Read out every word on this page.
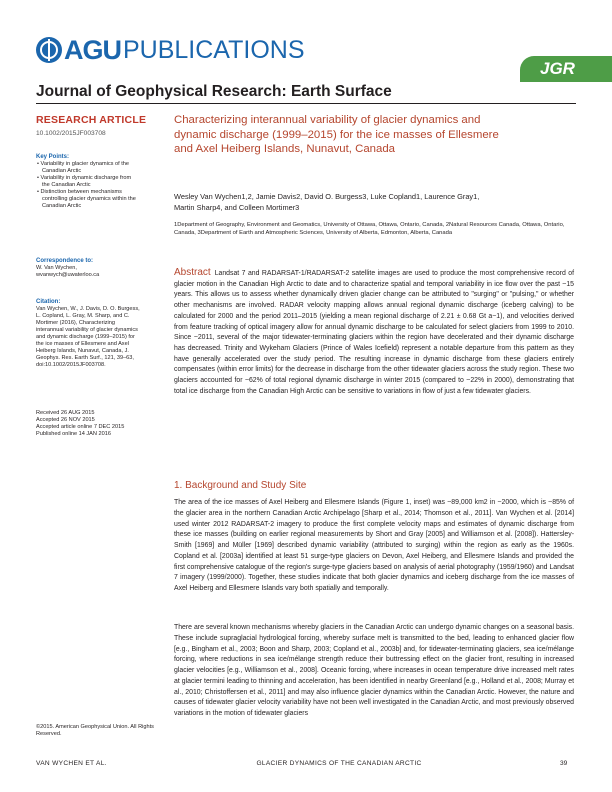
AGU PUBLICATIONS
JGR
Journal of Geophysical Research: Earth Surface
RESEARCH ARTICLE
10.1002/2015JF003708
Key Points:
• Variability in glacier dynamics of the Canadian Arctic
• Variability in dynamic discharge from the Canadian Arctic
• Distinction between mechanisms controlling glacier dynamics within the Canadian Arctic
Correspondence to:
W. Van Wychen,
wvanwych@uwaterloo.ca
Citation:
Van Wychen, W., J. Davis, D. O. Burgess, L. Copland, L. Gray, M. Sharp, and C. Mortimer (2016), Characterizing interannual variability of glacier dynamics and dynamic discharge (1999–2015) for the ice masses of Ellesmere and Axel Heiberg Islands, Nunavut, Canada, J. Geophys. Res. Earth Surf., 121, 39–63, doi:10.1002/2015JF003708.
Received 26 AUG 2015
Accepted 26 NOV 2015
Accepted article online 7 DEC 2015
Published online 14 JAN 2016
©2015. American Geophysical Union. All Rights Reserved.
Characterizing interannual variability of glacier dynamics and dynamic discharge (1999–2015) for the ice masses of Ellesmere and Axel Heiberg Islands, Nunavut, Canada
Wesley Van Wychen1,2, Jamie Davis2, David O. Burgess3, Luke Copland1, Laurence Gray1,
Martin Sharp4, and Colleen Mortimer3
1Department of Geography, Environment and Geomatics, University of Ottawa, Ottawa, Ontario, Canada, 2Natural Resources Canada, Ottawa, Ontario, Canada, 3Department of Earth and Atmospheric Sciences, University of Alberta, Edmonton, Alberta, Canada
Abstract Landsat 7 and RADARSAT-1/RADARSAT-2 satellite images are used to produce the most comprehensive record of glacier motion in the Canadian High Arctic to date and to characterize spatial and temporal variability in ice flow over the past ~15 years. This allows us to assess whether dynamically driven glacier change can be attributed to "surging" or "pulsing," or whether other mechanisms are involved. RADAR velocity mapping allows annual regional dynamic discharge (iceberg calving) to be calculated for 2000 and the period 2011–2015 (yielding a mean regional discharge of 2.21 ± 0.68 Gt a−1), and velocities derived from feature tracking of optical imagery allow for annual dynamic discharge to be calculated for select glaciers from 1999 to 2010. Since ~2011, several of the major tidewater-terminating glaciers within the region have decelerated and their dynamic discharge has decreased. Trinity and Wykeham Glaciers (Prince of Wales Icefield) represent a notable departure from this pattern as they have generally accelerated over the study period. The resulting increase in dynamic discharge from these glaciers entirely compensates (within error limits) for the decrease in discharge from the other tidewater glaciers across the study region. These two glaciers accounted for ~62% of total regional dynamic discharge in winter 2015 (compared to ~22% in 2000), demonstrating that total ice discharge from the Canadian High Arctic can be sensitive to variations in flow of just a few tidewater glaciers.
1. Background and Study Site
The area of the ice masses of Axel Heiberg and Ellesmere Islands (Figure 1, inset) was ~89,000 km2 in ~2000, which is ~85% of the glacier area in the northern Canadian Arctic Archipelago [Sharp et al., 2014; Thomson et al., 2011]. Van Wychen et al. [2014] used winter 2012 RADARSAT-2 imagery to produce the first complete velocity maps and estimates of dynamic discharge from these ice masses (building on earlier regional measurements by Short and Gray [2005] and Williamson et al. [2008]). Hattersley-Smith [1969] and Müller [1969] described dynamic variability (attributed to surging) within the region as early as the 1960s. Copland et al. [2003a] identified at least 51 surge-type glaciers on Devon, Axel Heiberg, and Ellesmere Islands and provided the first comprehensive catalogue of the region's surge-type glaciers based on analysis of aerial photography (1959/1960) and Landsat 7 imagery (1999/2000). Together, these studies indicate that both glacier dynamics and iceberg discharge from the ice masses of Axel Heiberg and Ellesmere Islands vary both spatially and temporally.
There are several known mechanisms whereby glaciers in the Canadian Arctic can undergo dynamic changes on a seasonal basis. These include supraglacial hydrological forcing, whereby surface melt is transmitted to the bed, leading to enhanced glacier flow [e.g., Bingham et al., 2003; Boon and Sharp, 2003; Copland et al., 2003b] and, for tidewater-terminating glaciers, sea ice/mélange forcing, where reductions in sea ice/mélange strength reduce their buttressing effect on the glacier front, resulting in increased glacier velocities [e.g., Williamson et al., 2008]. Oceanic forcing, where increases in ocean temperature drive increased melt rates at glacier termini leading to thinning and acceleration, has been identified in nearby Greenland [e.g., Holland et al., 2008; Murray et al., 2010; Christoffersen et al., 2011] and may also influence glacier dynamics within the Canadian Arctic. However, the nature and causes of tidewater glacier velocity variability have not been well investigated in the Canadian Arctic, and most previously observed variations in the motion of tidewater glaciers
VAN WYCHEN ET AL.	GLACIER DYNAMICS OF THE CANADIAN ARCTIC	39
